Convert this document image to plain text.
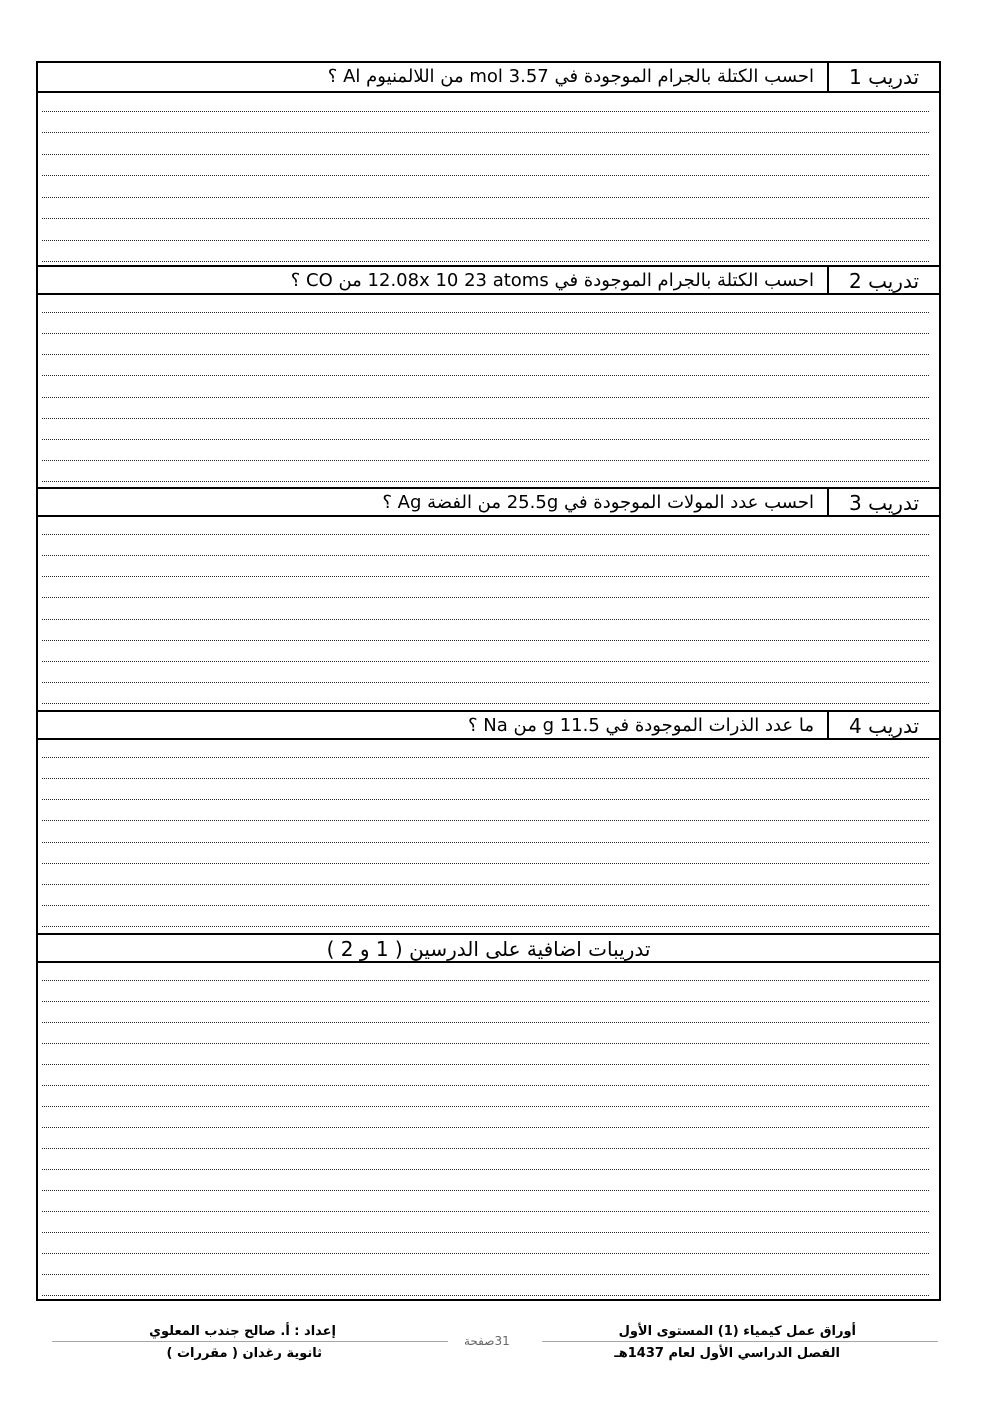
تدريب 1
احسب الكتلة بالجرام الموجودة في 3.57 mol من اللالمنيوم Al ؟
تدريب 2
احسب الكتلة بالجرام الموجودة في 12.08x 10 23 atoms من CO ؟
تدريب 3
احسب عدد المولات الموجودة في 25.5g من الفضة Ag ؟
تدريب 4
ما عدد الذرات الموجودة في 11.5 g من Na ؟
تدريبات اضافية على الدرسين ( 1 و 2 )
إعداد : أ. صالح جندب المعلوي
ثانوية رغدان ( مقررات )
31صفحة
أوراق عمل كيمياء (1) المستوى الأول
الفصل الدراسي الأول لعام 1437هـ
